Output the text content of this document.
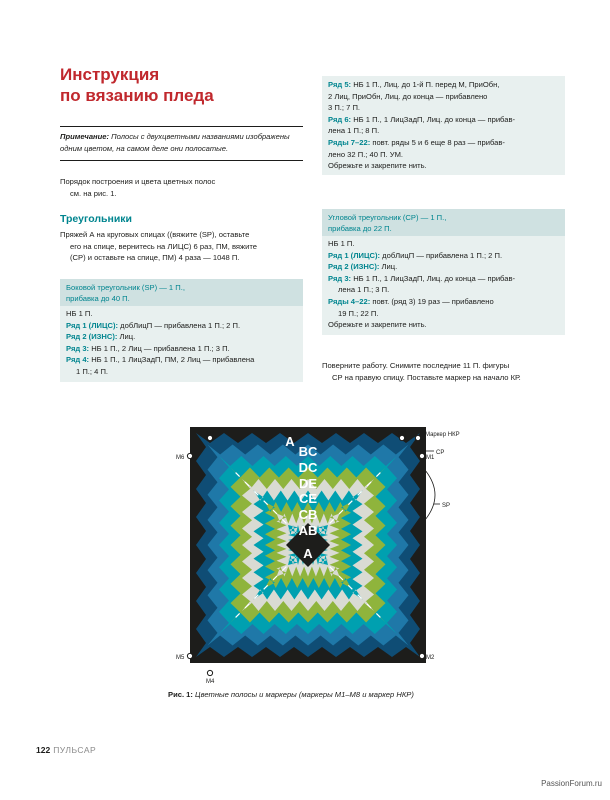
Инструкция
по вязанию пледа
Примечание: Полосы с двухцветными названиями изображены одним цветом, на самом деле они полосатые.
Порядок построения и цвета цветных полос
см. на рис. 1.
Треугольники
Пряжей А на круговых спицах ((вяжите (SP), оставьте
его на спице, вернитесь на ЛИЦС) 6 раз, ПМ, вяжите
(СР) и оставьте на спице, ПМ) 4 раза — 1048 П.
Боковой треугольник (SP) — 1 П.,
прибавка до 40 П.
НБ 1 П.
Ряд 1 (ЛИЦС): добЛицП — прибавлена 1 П.; 2 П.
Ряд 2 (ИЗНС): Лиц.
Ряд 3: НБ 1 П., 2 Лиц — прибавлена 1 П.; 3 П.
Ряд 4: НБ 1 П., 1 ЛицЗадП, ПМ, 2 Лиц — прибавлена
1 П.; 4 П.
Ряд 5: НБ 1 П., Лиц. до 1-й П. перед М, ПриОбн,
2 Лиц, ПриОбн, Лиц. до конца — прибавлено
3 П.; 7 П.
Ряд 6: НБ 1 П., 1 ЛицЗадП, Лиц. до конца — прибав-
лена 1 П.; 8 П.
Ряды 7–22: повт. ряды 5 и 6 еще 8 раз — прибав-
лено 32 П.; 40 П. УМ.
Обрежьте и закрепите нить.
Угловой треугольник (СР) — 1 П.,
прибавка до 22 П.
НБ 1 П.
Ряд 1 (ЛИЦС): добЛицП — прибавлена 1 П.; 2 П.
Ряд 2 (ИЗНС): Лиц.
Ряд 3: НБ 1 П., 1 ЛицЗадП, Лиц. до конца — прибав-
лена 1 П.; 3 П.
Ряды 4–22: повт. (ряд 3) 19 раз — прибавлено
19 П.; 22 П.
Обрежьте и закрепите нить.
Поверните работу. Снимите последние 11 П. фигуры
СР на правую спицу. Поставьте маркер на начало КР.
A
BC
DC
DE
CE
CB
AB
A
M7
M6
M3
M1
M5
M4
M2
Маркер НКР
CP
SP
Рис. 1: Цветные полосы и маркеры (маркеры М1–М8 и маркер НКР)
122 ПУЛЬСАР
PassionForum.ru
